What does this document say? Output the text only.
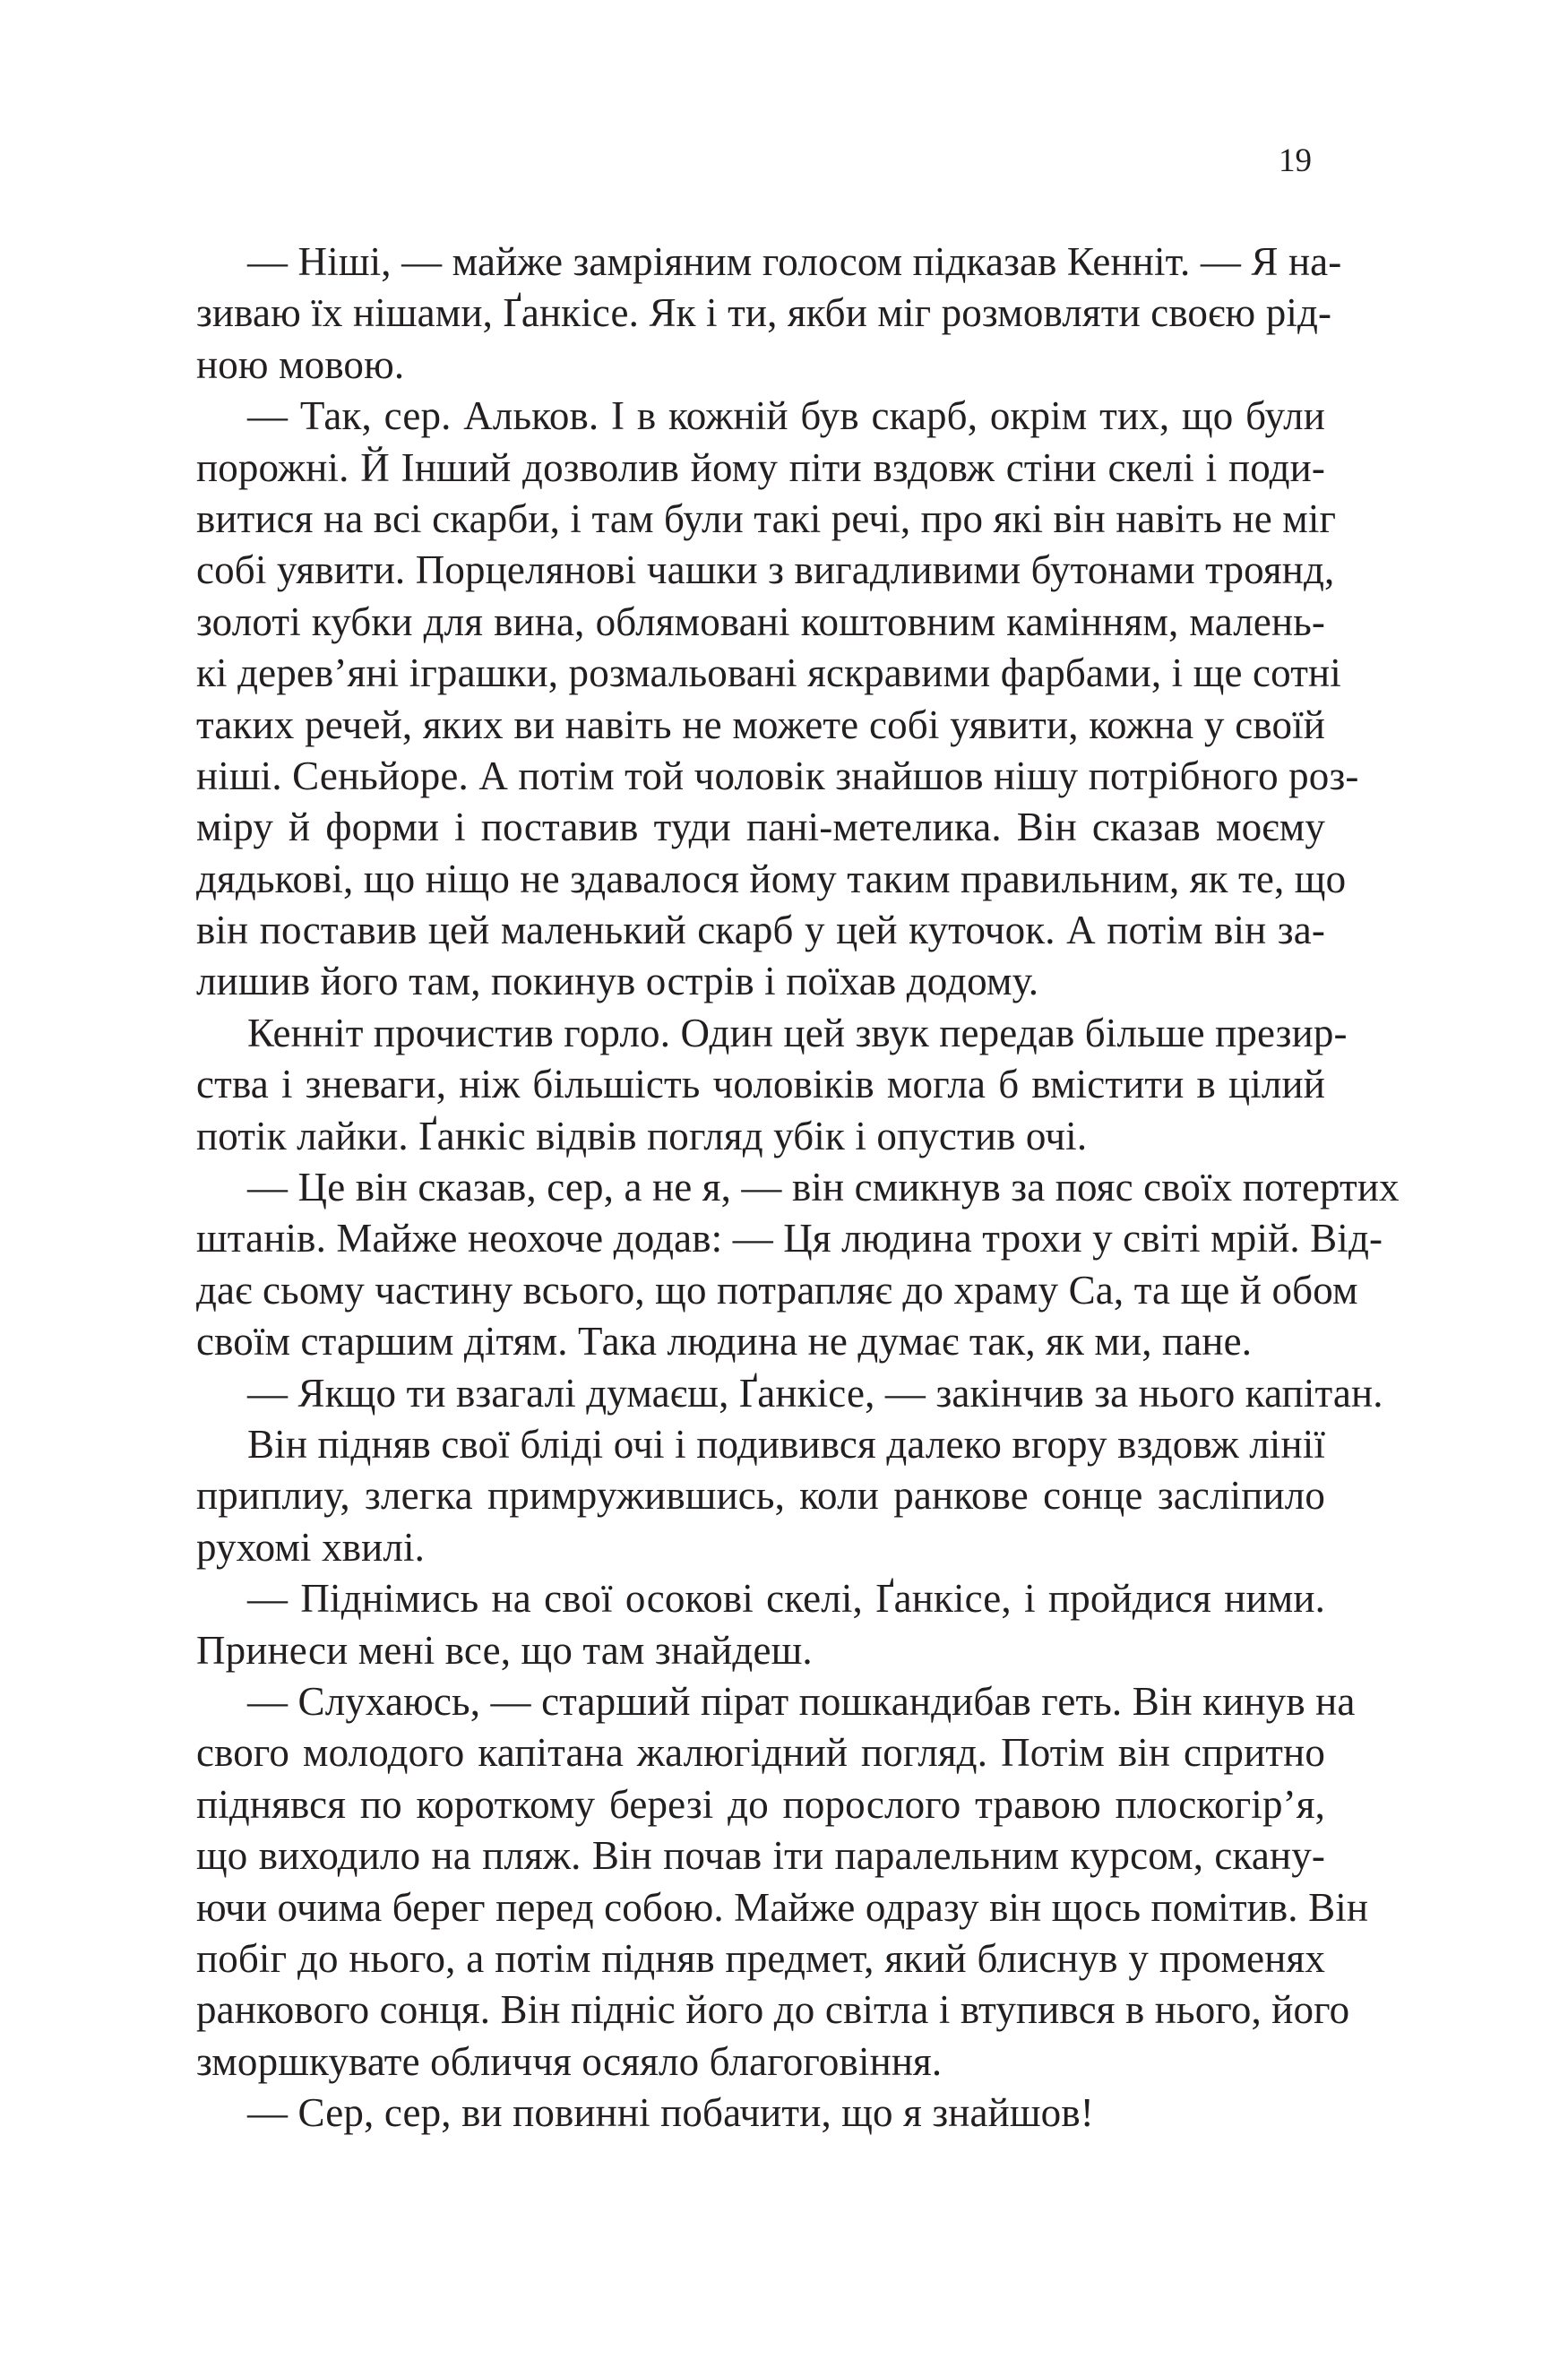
19
— Ніші, — майже замріяним голосом підказав Кенніт. — Я на-
зиваю їх нішами, Ґанкісе. Як і ти, якби міг розмовляти своєю рід-
ною мовою.
— Так, сер. Альков. І в кожній був скарб, окрім тих, що були
порожні. Й Інший дозволив йому піти вздовж стіни скелі і поди-
витися на всі скарби, і там були такі речі, про які він навіть не міг
собі уявити. Порцелянові чашки з вигадливими бутонами троянд,
золоті кубки для вина, облямовані коштовним камінням, малень-
кі дерев’яні іграшки, розмальовані яскравими фарбами, і ще сотні
таких речей, яких ви навіть не можете собі уявити, кожна у своїй
ніші. Сеньйоре. А потім той чоловік знайшов нішу потрібного роз-
міру й форми і поставив туди пані-метелика. Він сказав моєму
дядькові, що ніщо не здавалося йому таким правильним, як те, що
він поставив цей маленький скарб у цей куточок. А потім він за-
лишив його там, покинув острів і поїхав додому.
Кенніт прочистив горло. Один цей звук передав більше презир-
ства і зневаги, ніж більшість чоловіків могла б вмістити в цілий
потік лайки. Ґанкіс відвів погляд убік і опустив очі.
— Це він сказав, сер, а не я, — він смикнув за пояс своїх потертих
штанів. Майже неохоче додав: — Ця людина трохи у світі мрій. Від-
дає сьому частину всього, що потрапляє до храму Са, та ще й обом
своїм старшим дітям. Така людина не думає так, як ми, пане.
— Якщо ти взагалі думаєш, Ґанкісе, — закінчив за нього капітан.
Він підняв свої бліді очі і подивився далеко вгору вздовж лінії
приплиу, злегка примружившись, коли ранкове сонце засліпило
рухомі хвилі.
— Піднімись на свої осокові скелі, Ґанкісе, і пройдися ними.
Принеси мені все, що там знайдеш.
— Слухаюсь, — старший пірат пошкандибав геть. Він кинув на
свого молодого капітана жалюгідний погляд. Потім він спритно
піднявся по короткому березі до порослого травою плоскогір’я,
що виходило на пляж. Він почав іти паралельним курсом, скану-
ючи очима берег перед собою. Майже одразу він щось помітив. Він
побіг до нього, а потім підняв предмет, який блиснув у променях
ранкового сонця. Він підніс його до світла і втупився в нього, його
зморшкувате обличчя осяяло благоговіння.
— Сер, сер, ви повинні побачити, що я знайшов!
